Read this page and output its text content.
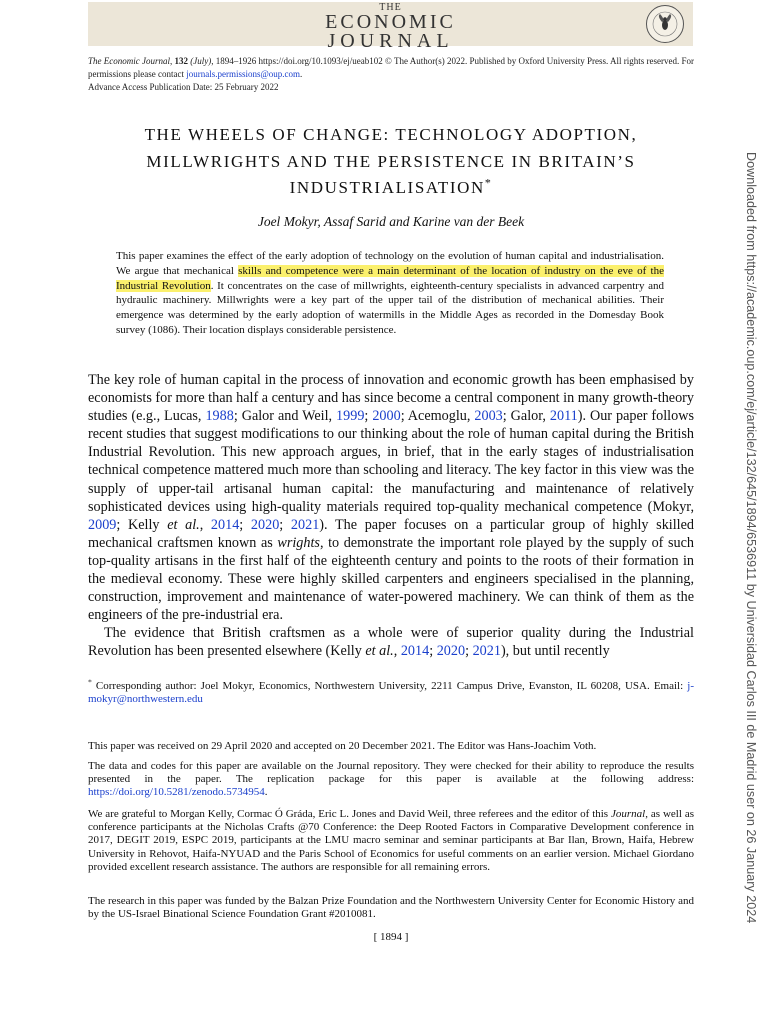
THE
ECONOMIC
JOURNAL
The Economic Journal, 132 (July), 1894–1926 https://doi.org/10.1093/ej/ueab102 © The Author(s) 2022. Published by Oxford University Press. All rights reserved. For permissions please contact journals.permissions@oup.com.
Advance Access Publication Date: 25 February 2022
THE WHEELS OF CHANGE: TECHNOLOGY ADOPTION,
MILLWRIGHTS AND THE PERSISTENCE IN BRITAIN’S
INDUSTRIALISATION*
Joel Mokyr, Assaf Sarid and Karine van der Beek
This paper examines the effect of the early adoption of technology on the evolution of human capital and industrialisation. We argue that mechanical skills and competence were a main determinant of the location of industry on the eve of the Industrial Revolution. It concentrates on the case of millwrights, eighteenth-century specialists in advanced carpentry and hydraulic machinery. Millwrights were a key part of the upper tail of the distribution of mechanical abilities. Their emergence was determined by the early adoption of watermills in the Middle Ages as recorded in the Domesday Book survey (1086). Their location displays considerable persistence.

The key role of human capital in the process of innovation and economic growth has been emphasised by economists for more than half a century and has since become a central component in many growth-theory studies (e.g., Lucas, 1988; Galor and Weil, 1999; 2000; Acemoglu, 2003; Galor, 2011). Our paper follows recent studies that suggest modifications to our thinking about the role of human capital during the British Industrial Revolution. This new approach argues, in brief, that in the early stages of industrialisation technical competence mattered much more than schooling and literacy. The key factor in this view was the supply of upper-tail artisanal human capital: the manufacturing and maintenance of relatively sophisticated devices using high-quality materials required top-quality mechanical competence (Mokyr, 2009; Kelly et al., 2014; 2020; 2021). The paper focuses on a particular group of highly skilled mechanical craftsmen known as wrights, to demonstrate the important role played by the supply of such top-quality artisans in the first half of the eighteenth century and points to the roots of their formation in the medieval economy. These were highly skilled carpenters and engineers specialised in the planning, construction, improvement and maintenance of water-powered machinery. We can think of them as the engineers of the pre-industrial era.

The evidence that British craftsmen as a whole were of superior quality during the Industrial Revolution has been presented elsewhere (Kelly et al., 2014; 2020; 2021), but until recently

* Corresponding author: Joel Mokyr, Economics, Northwestern University, 2211 Campus Drive, Evanston, IL 60208, USA. Email: j-mokyr@northwestern.edu
This paper was received on 29 April 2020 and accepted on 20 December 2021. The Editor was Hans-Joachim Voth.
The data and codes for this paper are available on the Journal repository. They were checked for their ability to reproduce the results presented in the paper. The replication package for this paper is available at the following address: https://doi.org/10.5281/zenodo.5734954.
We are grateful to Morgan Kelly, Cormac Ó Gráda, Eric L. Jones and David Weil, three referees and the editor of this Journal, as well as conference participants at the Nicholas Crafts @70 Conference: the Deep Rooted Factors in Comparative Development conference in 2017, DEGIT 2019, ESPC 2019, participants at the LMU macro seminar and seminar participants at Bar Ilan, Brown, Haifa, Hebrew University in Rehovot, Haifa-NYUAD and the Paris School of Economics for useful comments on an earlier version. Michael Giordano provided excellent research assistance. The authors are responsible for all remaining errors.
The research in this paper was funded by the Balzan Prize Foundation and the Northwestern University Center for Economic History and by the US-Israel Binational Science Foundation Grant #2010081.
[ 1894 ]
Downloaded from https://academic.oup.com/ej/article/132/645/1894/6536911 by Universidad Carlos III de Madrid user on 26 January 2024
